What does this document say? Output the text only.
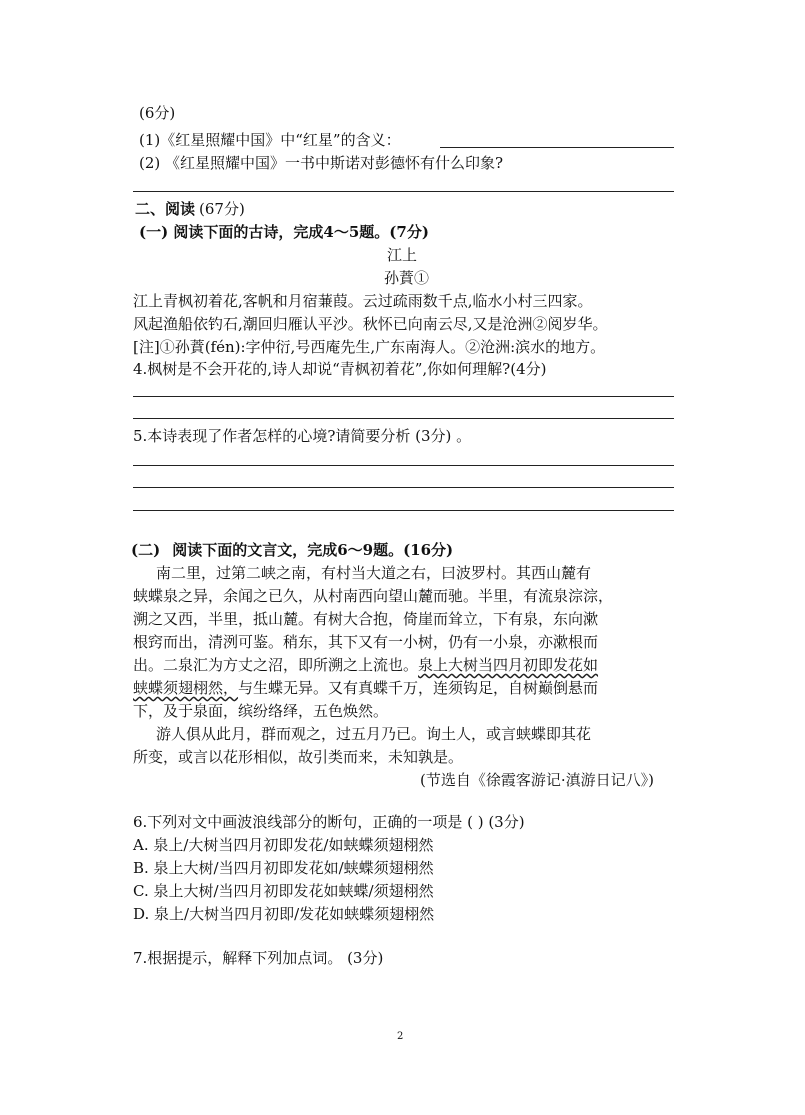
(6分)
(1)《红星照耀中国》中“红星”的含义：
(2) 《红星照耀中国》一书中斯诺对彭德怀有什么印象?
二、阅读 (67分)
(一) 阅读下面的古诗，完成4～5题。(7分)
江上
孙蕡①
江上青枫初着花,客帆和月宿蒹葭。云过疏雨数千点,临水小村三四家。
风起渔船依钓石,潮回归雁认平沙。秋怀已向南云尽,又是沧洲②阅岁华。
[注]①孙蕡(fén):字仲衍,号西庵先生,广东南海人。②沧洲:滨水的地方。
4.枫树是不会开花的,诗人却说“青枫初着花”,你如何理解?(4分)
5.本诗表现了作者怎样的心境?请简要分析 (3分) 。
(二) 阅读下面的文言文，完成6～9题。(16分)
南二里，过第二峡之南，有村当大道之右，曰波罗村。其西山麓有
蛱蝶泉之异，余闻之已久，从村南西向望山麓而驰。半里，有流泉淙淙，
溯之又西，半里，抵山麓。有树大合抱，倚崖而耸立，下有泉，东向漱
根窍而出，清洌可鉴。稍东，其下又有一小树，仍有一小泉，亦漱根而
出。二泉汇为方丈之沼，即所溯之上流也。泉上大树当四月初即发花如
蛱蝶须翅栩然，与生蝶无异。又有真蝶千万，连须钩足，自树巅倒悬而
下，及于泉面，缤纷络绎，五色焕然。
游人俱从此月，群而观之，过五月乃已。询土人，或言蛱蝶即其花
所变，或言以花形相似，故引类而来，未知孰是。
(节选自《徐霞客游记·滇游日记八》)
6.下列对文中画波浪线部分的断句，正确的一项是 ( ) (3分)
A. 泉上/大树当四月初即发花/如蛱蝶须翅栩然
B. 泉上大树/当四月初即发花如/蛱蝶须翅栩然
C. 泉上大树/当四月初即发花如蛱蝶/须翅栩然
D. 泉上/大树当四月初即/发花如蛱蝶须翅栩然
7.根据提示，解释下列加点词。 (3分)
2
